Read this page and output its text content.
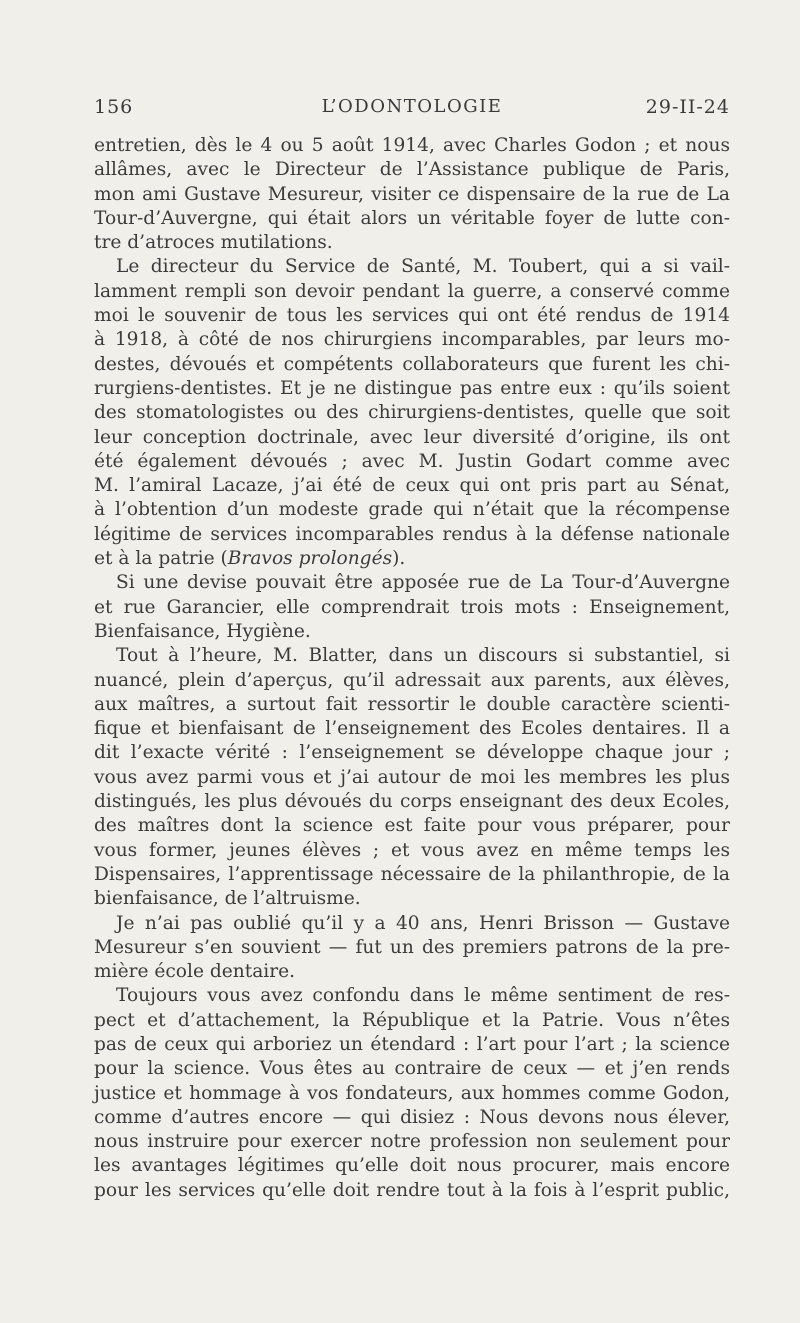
156	L’ODONTOLOGIE	29-II-24
entretien, dès le 4 ou 5 août 1914, avec Charles Godon ; et nous
allâmes, avec le Directeur de l’Assistance publique de Paris,
mon ami Gustave Mesureur, visiter ce dispensaire de la rue de La
Tour-d’Auvergne, qui était alors un véritable foyer de lutte con-
tre d’atroces mutilations.
Le directeur du Service de Santé, M. Toubert, qui a si vail-
lamment rempli son devoir pendant la guerre, a conservé comme
moi le souvenir de tous les services qui ont été rendus de 1914
à 1918, à côté de nos chirurgiens incomparables, par leurs mo-
destes, dévoués et compétents collaborateurs que furent les chi-
rurgiens-dentistes. Et je ne distingue pas entre eux : qu’ils soient
des stomatologistes ou des chirurgiens-dentistes, quelle que soit
leur conception doctrinale, avec leur diversité d’origine, ils ont
été également dévoués ; avec M. Justin Godart comme avec
M. l’amiral Lacaze, j’ai été de ceux qui ont pris part au Sénat,
à l’obtention d’un modeste grade qui n’était que la récompense
légitime de services incomparables rendus à la défense nationale
et à la patrie (Bravos prolongés).
Si une devise pouvait être apposée rue de La Tour-d’Auvergne
et rue Garancier, elle comprendrait trois mots : Enseignement,
Bienfaisance, Hygiène.
Tout à l’heure, M. Blatter, dans un discours si substantiel, si
nuancé, plein d’aperçus, qu’il adressait aux parents, aux élèves,
aux maîtres, a surtout fait ressortir le double caractère scienti-
fique et bienfaisant de l’enseignement des Ecoles dentaires. Il a
dit l’exacte vérité : l’enseignement se développe chaque jour ;
vous avez parmi vous et j’ai autour de moi les membres les plus
distingués, les plus dévoués du corps enseignant des deux Ecoles,
des maîtres dont la science est faite pour vous préparer, pour
vous former, jeunes élèves ; et vous avez en même temps les
Dispensaires, l’apprentissage nécessaire de la philanthropie, de la
bienfaisance, de l’altruisme.
Je n’ai pas oublié qu’il y a 40 ans, Henri Brisson — Gustave
Mesureur s’en souvient — fut un des premiers patrons de la pre-
mière école dentaire.
Toujours vous avez confondu dans le même sentiment de res-
pect et d’attachement, la République et la Patrie. Vous n’êtes
pas de ceux qui arboriez un étendard : l’art pour l’art ; la science
pour la science. Vous êtes au contraire de ceux — et j’en rends
justice et hommage à vos fondateurs, aux hommes comme Godon,
comme d’autres encore — qui disiez : Nous devons nous élever,
nous instruire pour exercer notre profession non seulement pour
les avantages légitimes qu’elle doit nous procurer, mais encore
pour les services qu’elle doit rendre tout à la fois à l’esprit public,
